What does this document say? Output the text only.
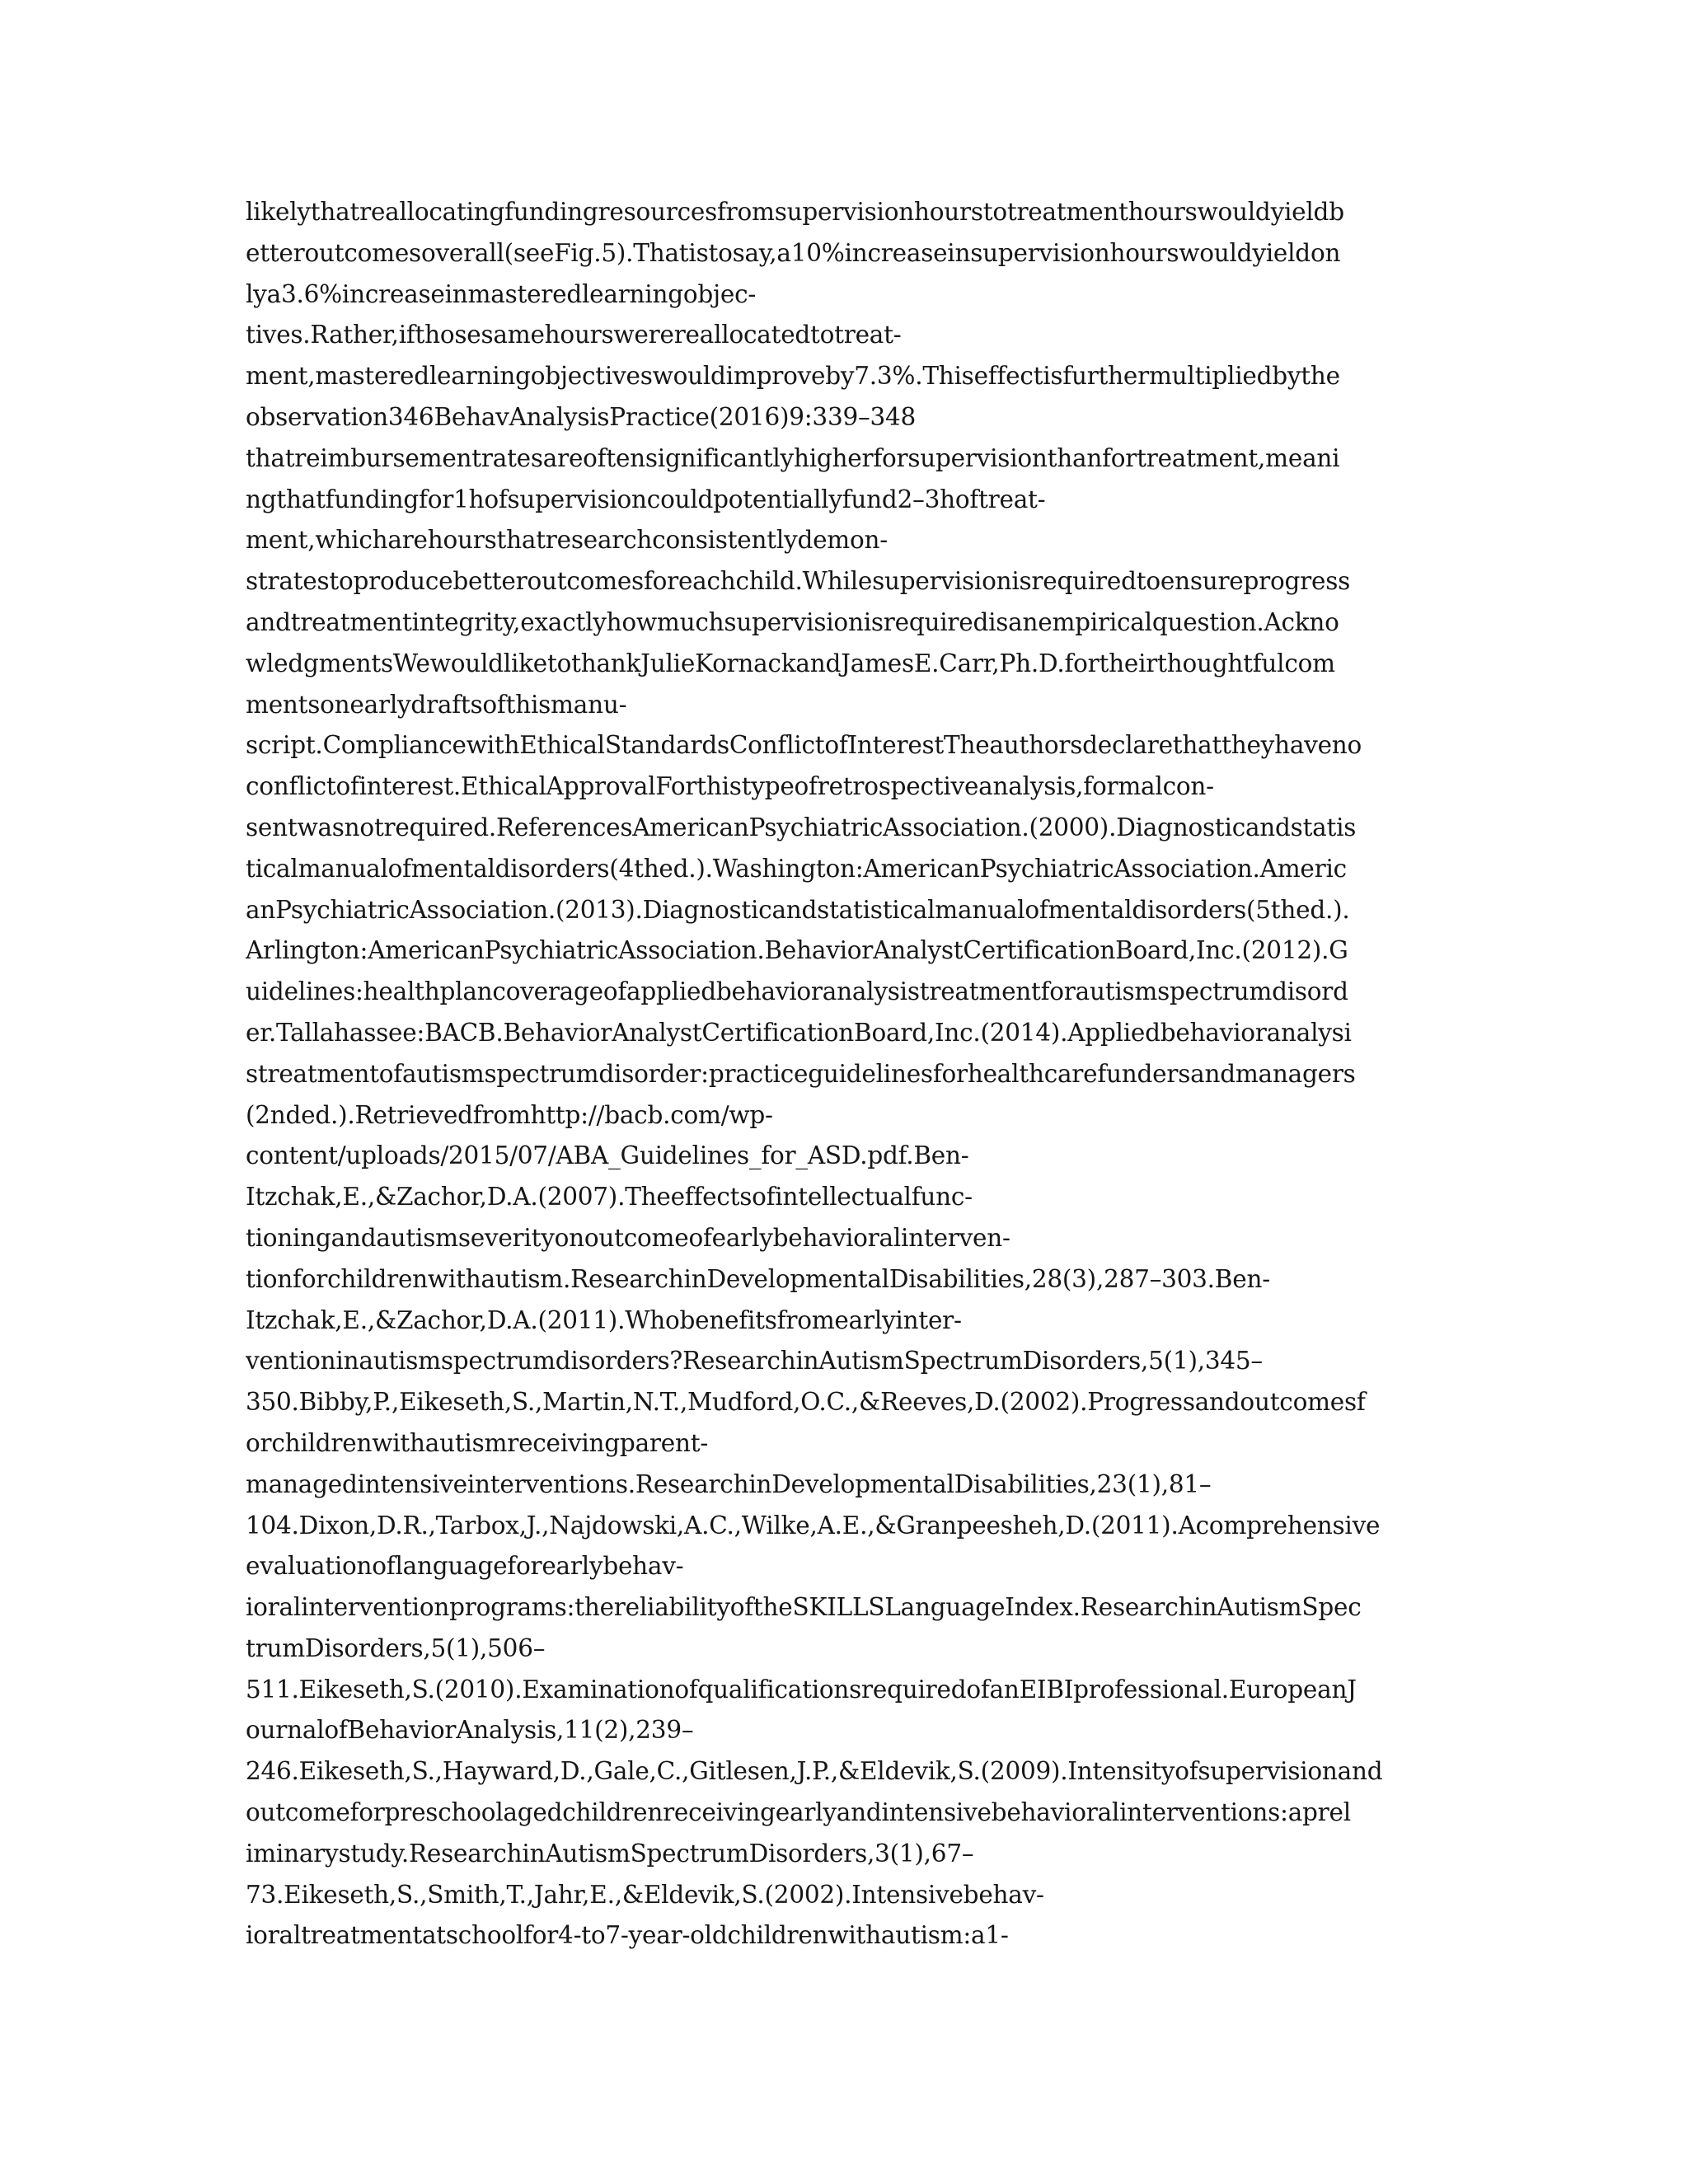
likelythatreallocatingfundingresourcesfromsupervisionhourstotreatmenthourswouldyieldb
etteroutcomesoverall(seeFig.5).Thatistosay,a10%increaseinsupervisionhourswouldyieldon
lya3.6%increaseinmasteredlearningobjec-
tives.Rather,ifthosesamehourswerereallocatedtotreat-
ment,masteredlearningobjectiveswouldimproveby7.3%.Thiseffectisfurthermultipliedbythe
observation346BehavAnalysisPractice(2016)9:339–348
thatreimbursementratesareoftensignificantlyhigherforsupervisionthanfortreatment,meani
ngthatfundingfor1hofsupervisioncouldpotentiallyfund2–3hoftreat-
ment,whicharehoursthatresearchconsistentlydemon-
stratestoproducebetteroutcomesforeachchild.Whilesupervisionisrequiredtoensureprogress
andtreatmentintegrity,exactlyhowmuchsupervisionisrequiredisanempiricalquestion.Ackno
wledgmentsWewouldliketothankJulieKornackandJamesE.Carr,Ph.D.fortheirthoughtfulcom
mentsonearlydraftsofthismanu-
script.CompliancewithEthicalStandardsConflictofInterestTheauthorsdeclarethattheyhaveno
conflictofinterest.EthicalApprovalForthistypeofretrospectiveanalysis,formalcon-
sentwasnotrequired.ReferencesAmericanPsychiatricAssociation.(2000).Diagnosticandstatis
ticalmanualofmentaldisorders(4thed.).Washington:AmericanPsychiatricAssociation.Americ
anPsychiatricAssociation.(2013).Diagnosticandstatisticalmanualofmentaldisorders(5thed.).
Arlington:AmericanPsychiatricAssociation.BehaviorAnalystCertificationBoard,Inc.(2012).G
uidelines:healthplancoverageofappliedbehavioranalysistreatmentforautismspectrumdisord
er.Tallahassee:BACB.BehaviorAnalystCertificationBoard,Inc.(2014).Appliedbehavioranalysi
streatmentofautismspectrumdisorder:practiceguidelinesforhealthcarefundersandmanagers
(2nded.).Retrievedfromhttp://bacb.com/wp-
content/uploads/2015/07/ABA_Guidelines_for_ASD.pdf.Ben-
Itzchak,E.,&Zachor,D.A.(2007).Theeffectsofintellectualfunc-
tioningandautismseverityonoutcomeofearlybehavioralinterven-
tionforchildrenwithautism.ResearchinDevelopmentalDisabilities,28(3),287–303.Ben-
Itzchak,E.,&Zachor,D.A.(2011).Whobenefitsfromearlyinter-
ventioninautismspectrumdisorders?ResearchinAutismSpectrumDisorders,5(1),345–
350.Bibby,P.,Eikeseth,S.,Martin,N.T.,Mudford,O.C.,&Reeves,D.(2002).Progressandoutcomesf
orchildrenwithautismreceivingparent-
managedintensiveinterventions.ResearchinDevelopmentalDisabilities,23(1),81–
104.Dixon,D.R.,Tarbox,J.,Najdowski,A.C.,Wilke,A.E.,&Granpeesheh,D.(2011).Acomprehensive
evaluationoflanguageforearlybehav-
ioralinterventionprograms:thereliabilityoftheSKILLSLanguageIndex.ResearchinAutismSpec
trumDisorders,5(1),506–
511.Eikeseth,S.(2010).ExaminationofqualificationsrequiredofanEIBIprofessional.EuropeanJ
ournalofBehaviorAnalysis,11(2),239–
246.Eikeseth,S.,Hayward,D.,Gale,C.,Gitlesen,J.P.,&Eldevik,S.(2009).Intensityofsupervisionand
outcomeforpreschoolagedchildrenreceivingearlyandintensivebehavioralinterventions:aprel
iminarystudy.ResearchinAutismSpectrumDisorders,3(1),67–
73.Eikeseth,S.,Smith,T.,Jahr,E.,&Eldevik,S.(2002).Intensivebehav-
ioraltreatmentatschoolfor4-to7-year-oldchildrenwithautism:a1-
